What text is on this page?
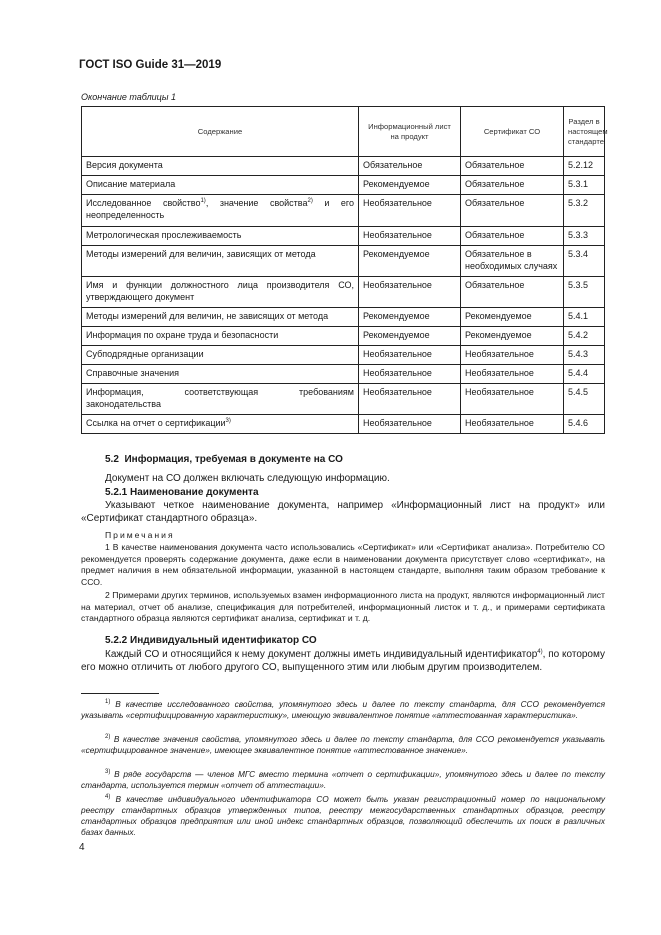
ГОСТ ISO Guide 31—2019
Окончание таблицы 1
Содержание	Информационный лист на продукт	Сертификат СО	Раздел в настоящем стандарте
Версия документа	Обязательное	Обязательное	5.2.12
Описание материала	Рекомендуемое	Обязательное	5.3.1
Исследованное свойство$^{1)}$, значение свойства$^{2)}$ и его неопределенность	Необязательное	Обязательное	5.3.2
Метрологическая прослеживаемость	Необязательное	Обязательное	5.3.3
Методы измерений для величин, зависящих от метода	Рекомендуемое	Обязательное в необходимых случаях	5.3.4
Имя и функции должностного лица производителя СО, утверждающего документ	Необязательное	Обязательное	5.3.5
Методы измерений для величин, не зависящих от метода	Рекомендуемое	Рекомендуемое	5.4.1
Информация по охране труда и безопасности	Рекомендуемое	Рекомендуемое	5.4.2
Субподрядные организации	Необязательное	Необязательное	5.4.3
Справочные значения	Необязательное	Необязательное	5.4.4
Информация, соответствующая требованиям законодательства	Необязательное	Необязательное	5.4.5
Ссылка на отчет о сертификации$^{3)}$	Необязательное	Необязательное	5.4.6
5.2 Информация, требуемая в документе на СО
Документ на СО должен включать следующую информацию.
5.2.1 Наименование документа
Указывают четкое наименование документа, например «Информационный лист на продукт» или «Сертификат стандартного образца».
Примечания
1 В качестве наименования документа часто использовались «Сертификат» или «Сертификат анализа». Потребителю СО рекомендуется проверять содержание документа, даже если в наименовании документа присутствует слово «сертификат», на предмет наличия в нем обязательной информации, указанной в настоящем стандарте, выполняя таким образом требование к ССО.
2 Примерами других терминов, используемых взамен информационного листа на продукт, являются информационный лист на материал, отчет об анализе, спецификация для потребителей, информационный листок и т. д., и примерами сертификата стандартного образца являются сертификат анализа, сертификат и т. д.
5.2.2 Индивидуальный идентификатор СО
Каждый СО и относящийся к нему документ должны иметь индивидуальный идентификатор$^{4)}$, по которому его можно отличить от любого другого СО, выпущенного этим или любым другим производителем.
$^{1)}$ В качестве исследованного свойства, упомянутого здесь и далее по тексту стандарта, для ССО рекомендуется указывать «сертифицированную характеристику», имеющую эквивалентное понятие «аттестованная характеристика».
$^{2)}$ В качестве значения свойства, упомянутого здесь и далее по тексту стандарта, для ССО рекомендуется указывать «сертифицированное значение», имеющее эквивалентное понятие «аттестованное значение».
$^{3)}$ В ряде государств — членов МГС вместо термина «отчет о сертификации», упомянутого здесь и далее по тексту стандарта, используется термин «отчет об аттестации».
$^{4)}$ В качестве индивидуального идентификатора СО может быть указан регистрационный номер по национальному реестру стандартных образцов утвержденных типов, реестру межгосударственных стандартных образцов, реестру стандартных образцов предприятия или иной индекс стандартных образцов, позволяющий обеспечить их поиск в различных базах данных.
4
